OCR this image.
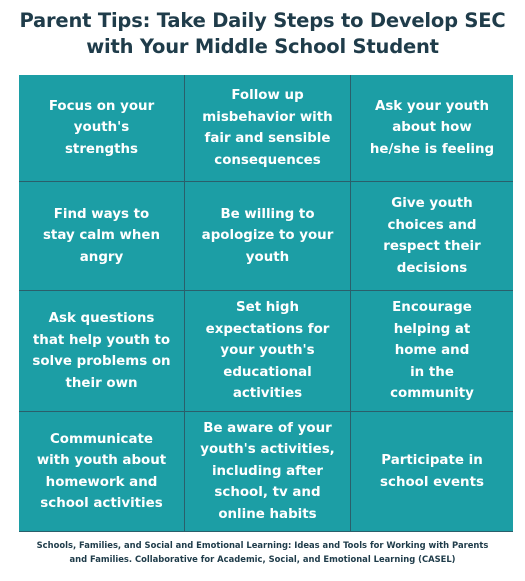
Parent Tips: Take Daily Steps to Develop SEC
with Your Middle School Student
Focus on your
youth's
strengths
Follow up
misbehavior with
fair and sensible
consequences
Ask your youth
about how
he/she is feeling
Find ways to
stay calm when
angry
Be willing to
apologize to your
youth
Give youth
choices and
respect their
decisions
Ask questions
that help youth to
solve problems on
their own
Set high
expectations for
your youth's
educational
activities
Encourage
helping at
home and
in the
community
Communicate
with youth about
homework and
school activities
Be aware of your
youth's activities,
including after
school, tv and
online habits
Participate in
school events
Schools, Families, and Social and Emotional Learning: Ideas and Tools for Working with Parents
and Families. Collaborative for Academic, Social, and Emotional Learning (CASEL)
